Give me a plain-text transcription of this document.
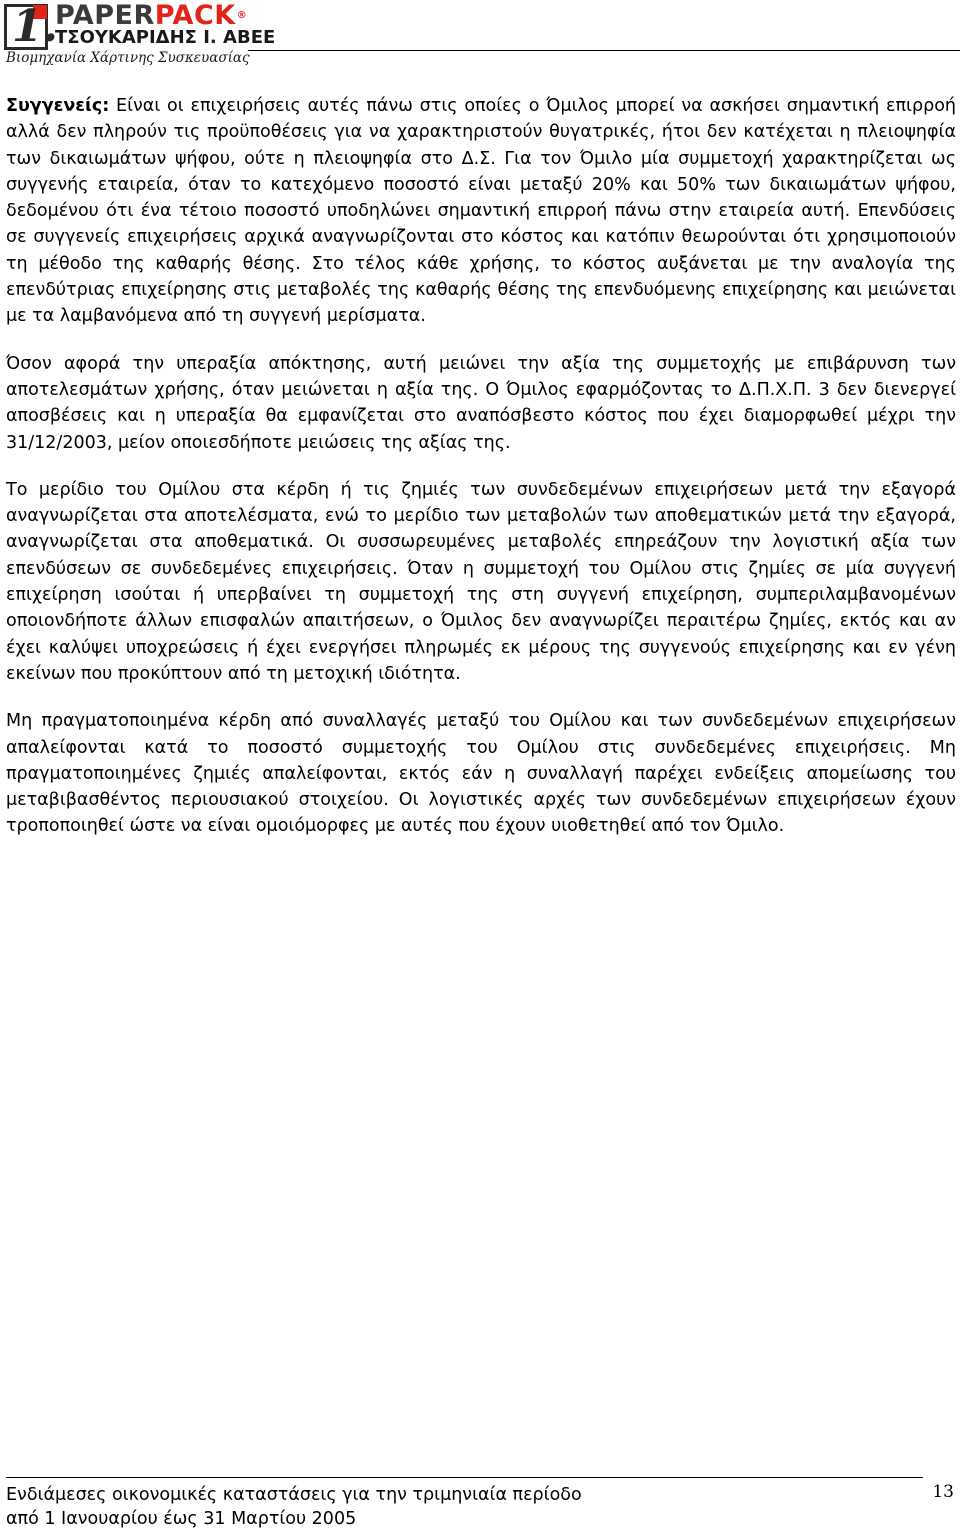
1.
PAPERPACK®
ΤΣΟΥΚΑΡΙΔΗΣ Ι. ΑΒΕΕ
Βιομηχανία Χάρτινης Συσκευασίας

Συγγενείς: Είναι οι επιχειρήσεις αυτές πάνω στις οποίες ο Όμιλος μπορεί να ασκήσει σημαντική επιρροή αλλά δεν πληρούν τις προϋποθέσεις για να χαρακτηριστούν θυγατρικές, ήτοι δεν κατέχεται η πλειοψηφία των δικαιωμάτων ψήφου, ούτε η πλειοψηφία στο Δ.Σ. Για τον Όμιλο μία συμμετοχή χαρακτηρίζεται ως συγγενής εταιρεία, όταν το κατεχόμενο ποσοστό είναι μεταξύ 20% και 50% των δικαιωμάτων ψήφου, δεδομένου ότι ένα τέτοιο ποσοστό υποδηλώνει σημαντική επιρροή πάνω στην εταιρεία αυτή. Επενδύσεις σε συγγενείς επιχειρήσεις αρχικά αναγνωρίζονται στο κόστος και κατόπιν θεωρούνται ότι χρησιμοποιούν τη μέθοδο της καθαρής θέσης. Στο τέλος κάθε χρήσης, το κόστος αυξάνεται με την αναλογία της επενδύτριας επιχείρησης στις μεταβολές της καθαρής θέσης της επενδυόμενης επιχείρησης και μειώνεται με τα λαμβανόμενα από τη συγγενή μερίσματα.

Όσον αφορά την υπεραξία απόκτησης, αυτή μειώνει την αξία της συμμετοχής με επιβάρυνση των αποτελεσμάτων χρήσης, όταν μειώνεται η αξία της. Ο Όμιλος εφαρμόζοντας το Δ.Π.Χ.Π. 3 δεν διενεργεί αποσβέσεις και η υπεραξία θα εμφανίζεται στο αναπόσβεστο κόστος που έχει διαμορφωθεί μέχρι την 31/12/2003, μείον οποιεσδήποτε μειώσεις της αξίας της.

Το μερίδιο του Ομίλου στα κέρδη ή τις ζημιές των συνδεδεμένων επιχειρήσεων μετά την εξαγορά αναγνωρίζεται στα αποτελέσματα, ενώ το μερίδιο των μεταβολών των αποθεματικών μετά την εξαγορά, αναγνωρίζεται στα αποθεματικά. Οι συσσωρευμένες μεταβολές επηρεάζουν την λογιστική αξία των επενδύσεων σε συνδεδεμένες επιχειρήσεις. Όταν η συμμετοχή του Ομίλου στις ζημίες σε μία συγγενή επιχείρηση ισούται ή υπερβαίνει τη συμμετοχή της στη συγγενή επιχείρηση, συμπεριλαμβανομένων οποιονδήποτε άλλων επισφαλών απαιτήσεων, ο Όμιλος δεν αναγνωρίζει περαιτέρω ζημίες, εκτός και αν έχει καλύψει υποχρεώσεις ή έχει ενεργήσει πληρωμές εκ μέρους της συγγενούς επιχείρησης και εν γένη εκείνων που προκύπτουν από τη μετοχική ιδιότητα.

Μη πραγματοποιημένα κέρδη από συναλλαγές μεταξύ του Ομίλου και των συνδεδεμένων επιχειρήσεων απαλείφονται κατά το ποσοστό συμμετοχής του Ομίλου στις συνδεδεμένες επιχειρήσεις. Μη πραγματοποιημένες ζημιές απαλείφονται, εκτός εάν η συναλλαγή παρέχει ενδείξεις απομείωσης του μεταβιβασθέντος περιουσιακού στοιχείου. Οι λογιστικές αρχές των συνδεδεμένων επιχειρήσεων έχουν τροποποιηθεί ώστε να είναι ομοιόμορφες με αυτές που έχουν υιοθετηθεί από τον Όμιλο.

Ενδιάμεσες οικονομικές καταστάσεις για την τριμηνιαία περίοδο
από 1 Ιανουαρίου έως 31 Μαρτίου 2005
13
